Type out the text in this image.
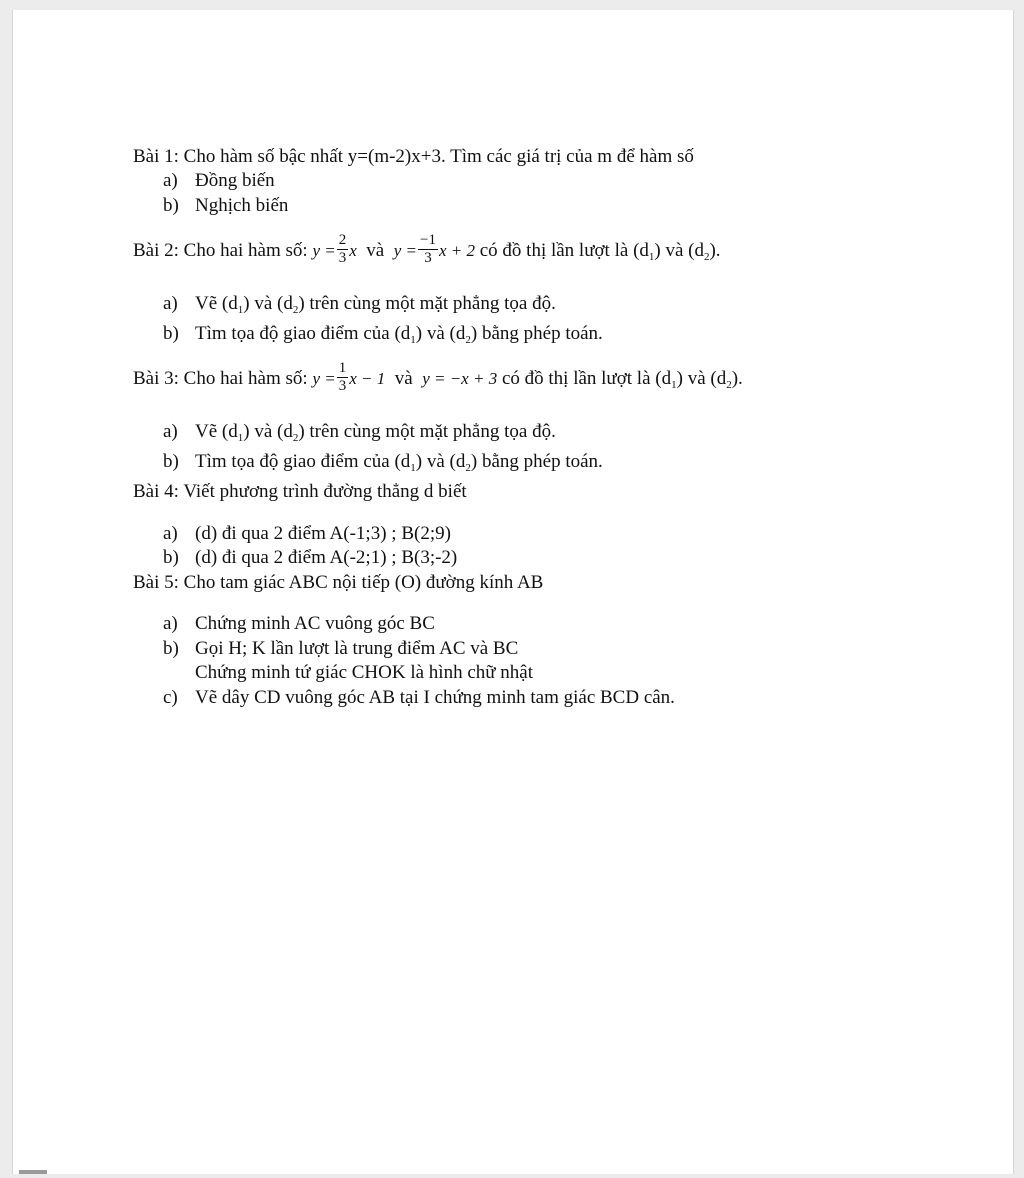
Bài 1: Cho hàm số bậc nhất y=(m-2)x+3. Tìm các giá trị của m để hàm số
a) Đồng biến
b) Nghịch biến
Bài 2: Cho hai hàm số: $y = \frac{2}{3}$ x và $y = \frac{-1}{3}$ x + 2 có đồ thị lần lượt là $(d_1)$ và $(d_2)$.
a) Vẽ $(d_1)$ và $(d_2)$ trên cùng một mặt phẳng tọa độ.
b) Tìm tọa độ giao điểm của $(d_1)$ và $(d_2)$ bằng phép toán.
Bài 3: Cho hai hàm số: $y = \frac{1}{3}$ x − 1 và y = −x + 3 có đồ thị lần lượt là $(d_1)$ và $(d_2)$.
a) Vẽ $(d_1)$ và $(d_2)$ trên cùng một mặt phẳng tọa độ.
b) Tìm tọa độ giao điểm của $(d_1)$ và $(d_2)$ bằng phép toán.
Bài 4: Viết phương trình đường thẳng d biết
a) (d) đi qua 2 điểm A(-1;3) ; B(2;9)
b) (d) đi qua 2 điểm A(-2;1) ; B(3;-2)
Bài 5: Cho tam giác ABC nội tiếp (O) đường kính AB
a) Chứng minh AC vuông góc BC
b) Gọi H; K lần lượt là trung điểm AC và BC
Chứng minh tứ giác CHOK là hình chữ nhật
c) Vẽ dây CD vuông góc AB tại I chứng minh tam giác BCD cân.
